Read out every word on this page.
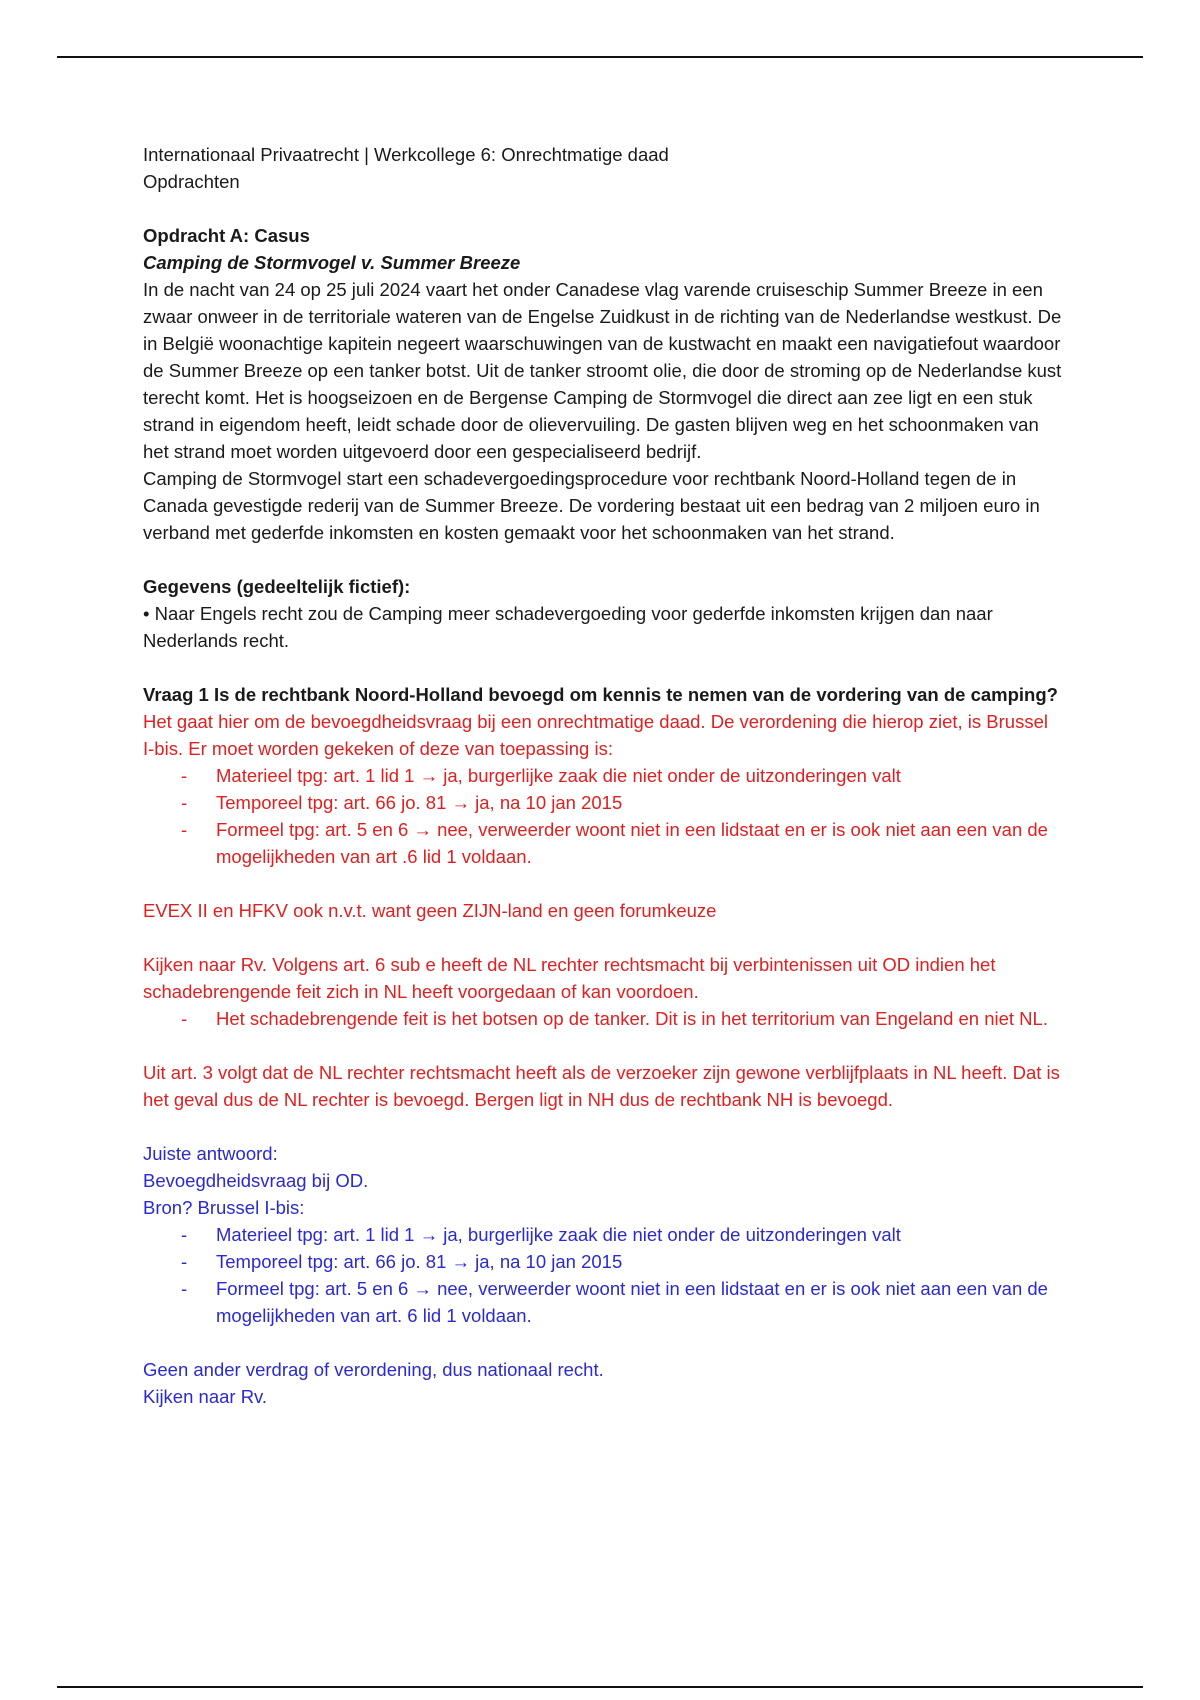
Internationaal Privaatrecht | Werkcollege 6: Onrechtmatige daad
Opdrachten
Opdracht A: Casus
Camping de Stormvogel v. Summer Breeze
In de nacht van 24 op 25 juli 2024 vaart het onder Canadese vlag varende cruiseschip Summer Breeze in een zwaar onweer in de territoriale wateren van de Engelse Zuidkust in de richting van de Nederlandse westkust. De in België woonachtige kapitein negeert waarschuwingen van de kustwacht en maakt een navigatiefout waardoor de Summer Breeze op een tanker botst. Uit de tanker stroomt olie, die door de stroming op de Nederlandse kust terecht komt. Het is hoogseizoen en de Bergense Camping de Stormvogel die direct aan zee ligt en een stuk strand in eigendom heeft, leidt schade door de olievervuiling. De gasten blijven weg en het schoonmaken van het strand moet worden uitgevoerd door een gespecialiseerd bedrijf.
Camping de Stormvogel start een schadevergoedingsprocedure voor rechtbank Noord-Holland tegen de in Canada gevestigde rederij van de Summer Breeze. De vordering bestaat uit een bedrag van 2 miljoen euro in verband met gederfde inkomsten en kosten gemaakt voor het schoonmaken van het strand.
Gegevens (gedeeltelijk fictief):
• Naar Engels recht zou de Camping meer schadevergoeding voor gederfde inkomsten krijgen dan naar Nederlands recht.
Vraag 1 Is de rechtbank Noord-Holland bevoegd om kennis te nemen van de vordering van de camping?
Het gaat hier om de bevoegdheidsvraag bij een onrechtmatige daad. De verordening die hierop ziet, is Brussel I-bis. Er moet worden gekeken of deze van toepassing is:
- Materieel tpg: art. 1 lid 1 → ja, burgerlijke zaak die niet onder de uitzonderingen valt
- Temporeel tpg: art. 66 jo. 81 → ja, na 10 jan 2015
- Formeel tpg: art. 5 en 6 → nee, verweerder woont niet in een lidstaat en er is ook niet aan een van de mogelijkheden van art .6 lid 1 voldaan.
EVEX II en HFKV ook n.v.t. want geen ZIJN-land en geen forumkeuze
Kijken naar Rv. Volgens art. 6 sub e heeft de NL rechter rechtsmacht bij verbintenissen uit OD indien het schadebrengende feit zich in NL heeft voorgedaan of kan voordoen.
- Het schadebrengende feit is het botsen op de tanker. Dit is in het territorium van Engeland en niet NL.
Uit art. 3 volgt dat de NL rechter rechtsmacht heeft als de verzoeker zijn gewone verblijfplaats in NL heeft. Dat is het geval dus de NL rechter is bevoegd. Bergen ligt in NH dus de rechtbank NH is bevoegd.
Juiste antwoord:
Bevoegdheidsvraag bij OD.
Bron? Brussel I-bis:
- Materieel tpg: art. 1 lid 1 → ja, burgerlijke zaak die niet onder de uitzonderingen valt
- Temporeel tpg: art. 66 jo. 81 → ja, na 10 jan 2015
- Formeel tpg: art. 5 en 6 → nee, verweerder woont niet in een lidstaat en er is ook niet aan een van de mogelijkheden van art. 6 lid 1 voldaan.
Geen ander verdrag of verordening, dus nationaal recht.
Kijken naar Rv.
